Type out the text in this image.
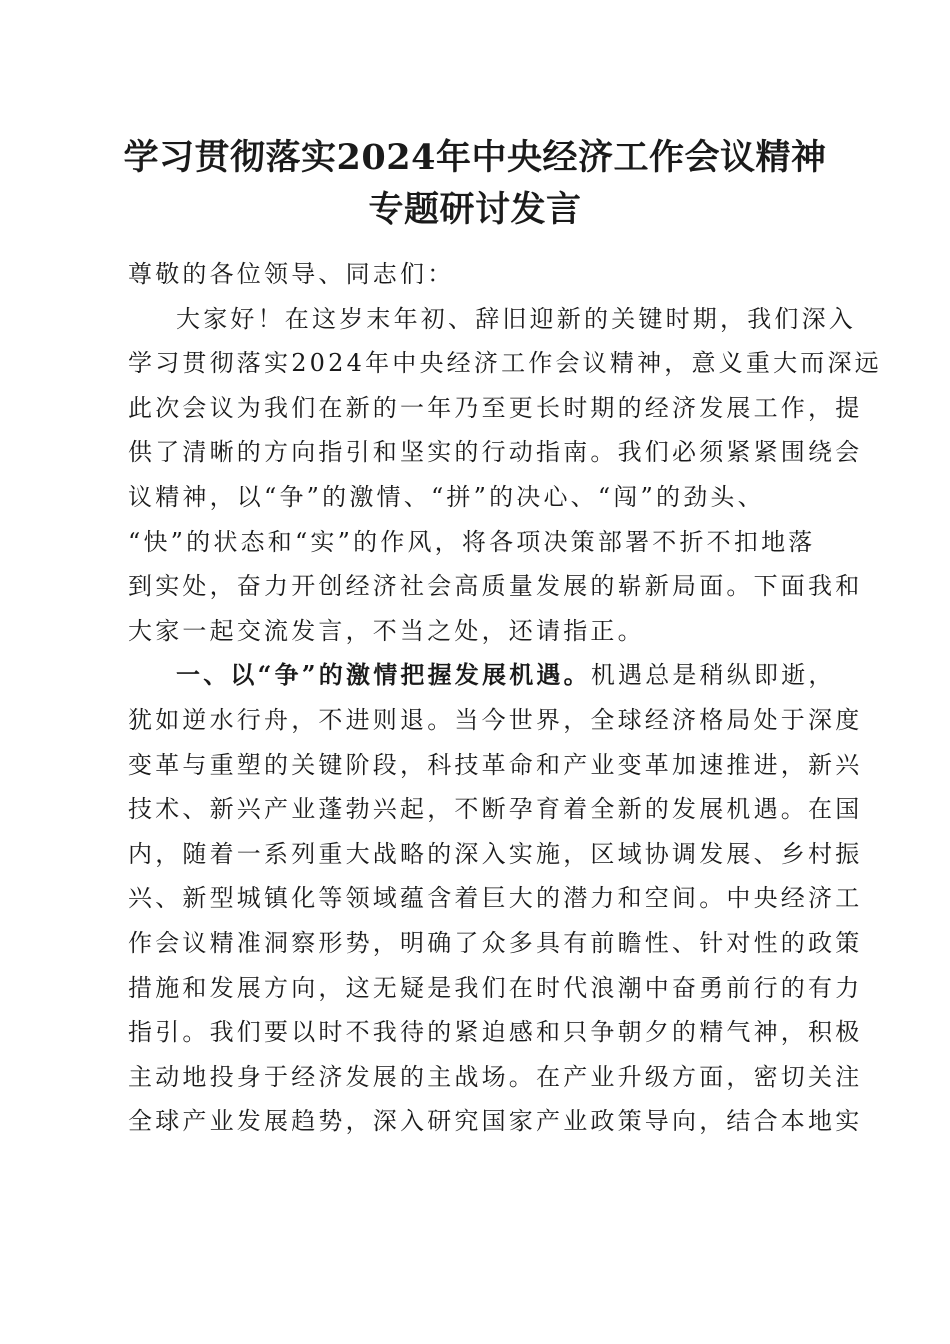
学习贯彻落实2024年中央经济工作会议精神
专题研讨发言
尊敬的各位领导、同志们：
大家好！在这岁末年初、辞旧迎新的关键时期，我们深入
学习贯彻落实2024年中央经济工作会议精神，意义重大而深远
此次会议为我们在新的一年乃至更长时期的经济发展工作，提
供了清晰的方向指引和坚实的行动指南。我们必须紧紧围绕会
议精神，以“争”的激情、“拼”的决心、“闯”的劲头、
“快”的状态和“实”的作风，将各项决策部署不折不扣地落
到实处，奋力开创经济社会高质量发展的崭新局面。下面我和
大家一起交流发言，不当之处，还请指正。
一、以“争”的激情把握发展机遇。机遇总是稍纵即逝，
犹如逆水行舟，不进则退。当今世界，全球经济格局处于深度
变革与重塑的关键阶段，科技革命和产业变革加速推进，新兴
技术、新兴产业蓬勃兴起，不断孕育着全新的发展机遇。在国
内，随着一系列重大战略的深入实施，区域协调发展、乡村振
兴、新型城镇化等领域蕴含着巨大的潜力和空间。中央经济工
作会议精准洞察形势，明确了众多具有前瞻性、针对性的政策
措施和发展方向，这无疑是我们在时代浪潮中奋勇前行的有力
指引。我们要以时不我待的紧迫感和只争朝夕的精气神，积极
主动地投身于经济发展的主战场。在产业升级方面，密切关注
全球产业发展趋势，深入研究国家产业政策导向，结合本地实
